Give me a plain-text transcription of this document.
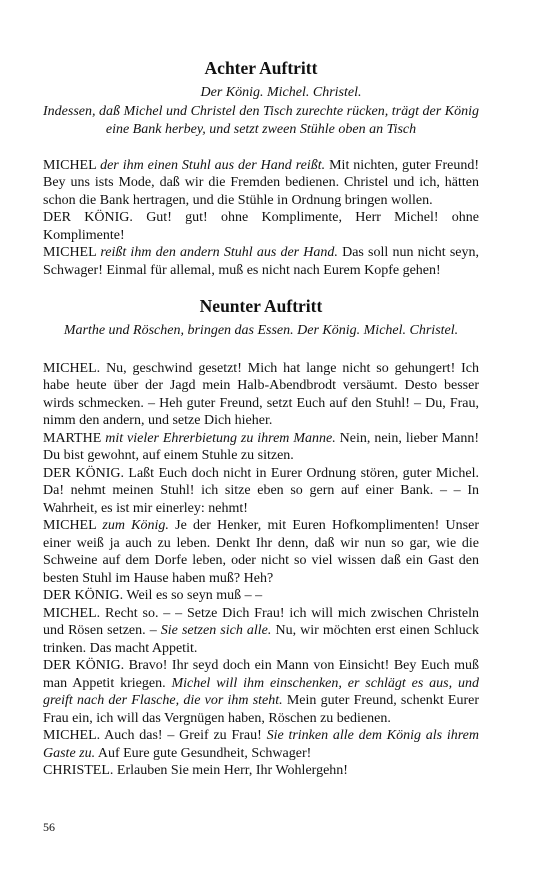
Achter Auftritt

Der König. Michel. Christel.

Indessen, daß Michel und Christel den Tisch zurechte rücken, trägt der König eine Bank herbey, und setzt zween Stühle oben an Tisch

MICHEL der ihm einen Stuhl aus der Hand reißt. Mit nichten, guter Freund! Bey uns ists Mode, daß wir die Fremden bedienen. Christel und ich, hätten schon die Bank hertragen, und die Stühle in Ordnung bringen wollen.

DER KÖNIG. Gut! gut! ohne Komplimente, Herr Michel! ohne Komplimente!

MICHEL reißt ihm den andern Stuhl aus der Hand. Das soll nun nicht seyn, Schwager! Einmal für allemal, muß es nicht nach Eurem Kopfe gehen!

Neunter Auftritt

Marthe und Röschen, bringen das Essen. Der König. Michel. Christel.

MICHEL. Nu, geschwind gesetzt! Mich hat lange nicht so gehungert! Ich habe heute über der Jagd mein Halb-Abendbrodt versäumt. Desto besser wirds schmecken. – Heh guter Freund, setzt Euch auf den Stuhl! – Du, Frau, nimm den andern, und setze Dich hieher.

MARTHE mit vieler Ehrerbietung zu ihrem Manne. Nein, nein, lieber Mann! Du bist gewohnt, auf einem Stuhle zu sitzen.

DER KÖNIG. Laßt Euch doch nicht in Eurer Ordnung stören, guter Michel. Da! nehmt meinen Stuhl! ich sitze eben so gern auf einer Bank. – – In Wahrheit, es ist mir einerley: nehmt!

MICHEL zum König. Je der Henker, mit Euren Hofkomplimenten! Unser einer weiß ja auch zu leben. Denkt Ihr denn, daß wir nun so gar, wie die Schweine auf dem Dorfe leben, oder nicht so viel wissen daß ein Gast den besten Stuhl im Hause haben muß? Heh?

DER KÖNIG. Weil es so seyn muß – –

MICHEL. Recht so. – – Setze Dich Frau! ich will mich zwischen Christeln und Rösen setzen. – Sie setzen sich alle. Nu, wir möchten erst einen Schluck trinken. Das macht Appetit.

DER KÖNIG. Bravo! Ihr seyd doch ein Mann von Einsicht! Bey Euch muß man Appetit kriegen. Michel will ihm einschenken, er schlägt es aus, und greift nach der Flasche, die vor ihm steht. Mein guter Freund, schenkt Eurer Frau ein, ich will das Vergnügen haben, Röschen zu bedienen.

MICHEL. Auch das! – Greif zu Frau! Sie trinken alle dem König als ihrem Gaste zu. Auf Eure gute Gesundheit, Schwager!

CHRISTEL. Erlauben Sie mein Herr, Ihr Wohlergehn!

56
